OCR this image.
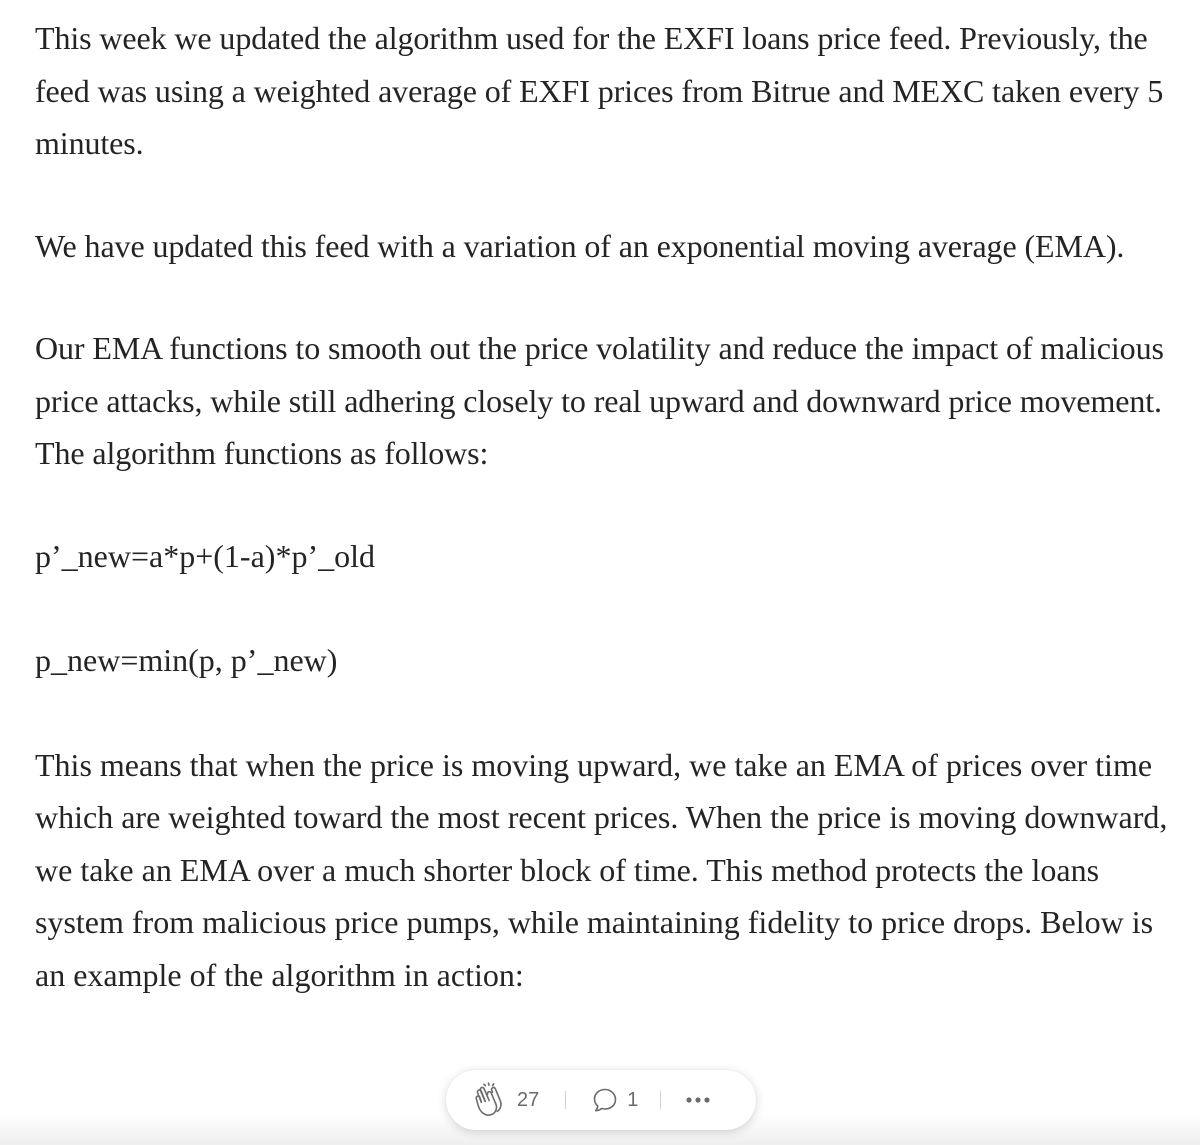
This week we updated the algorithm used for the EXFI loans price feed. Previously, the feed was using a weighted average of EXFI prices from Bitrue and MEXC taken every 5 minutes.

We have updated this feed with a variation of an exponential moving average (EMA).

Our EMA functions to smooth out the price volatility and reduce the impact of malicious price attacks, while still adhering closely to real upward and downward price movement. The algorithm functions as follows:

p’_new=a*p+(1-a)*p’_old

p_new=min(p, p’_new)

This means that when the price is moving upward, we take an EMA of prices over time which are weighted toward the most recent prices. When the price is moving downward, we take an EMA over a much shorter block of time. This method protects the loans system from malicious price pumps, while maintaining fidelity to price drops. Below is an example of the algorithm in action:

27	1
